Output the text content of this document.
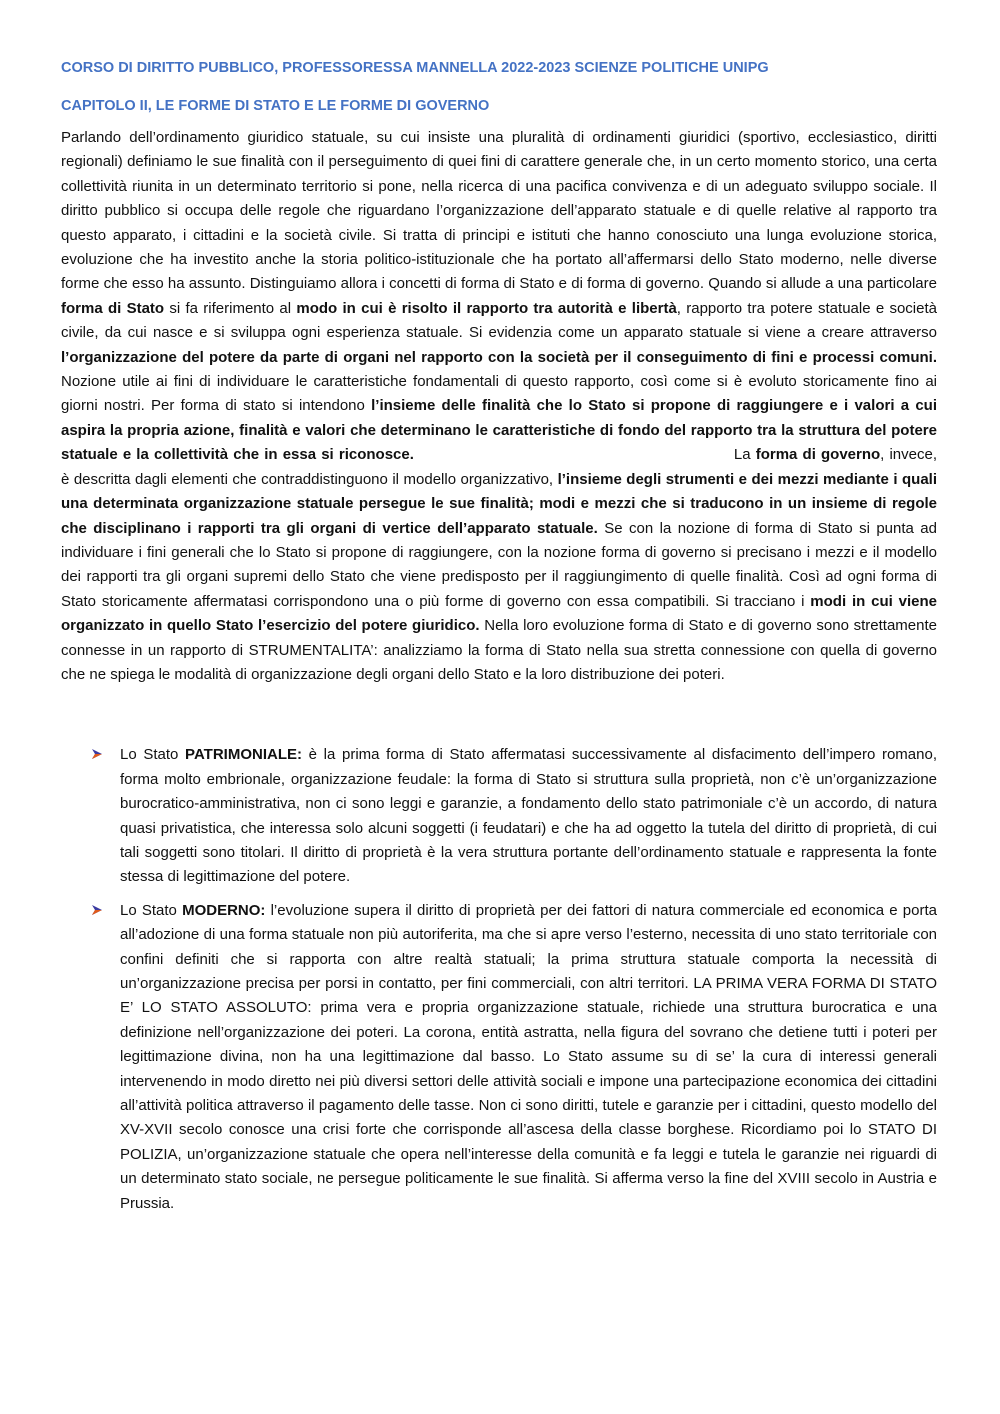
CORSO DI DIRITTO PUBBLICO, PROFESSORESSA MANNELLA 2022-2023 SCIENZE POLITICHE UNIPG

CAPITOLO II, LE FORME DI STATO E LE FORME DI GOVERNO

Parlando dell’ordinamento giuridico statuale, su cui insiste una pluralità di ordinamenti giuridici (sportivo, ecclesiastico, diritti regionali) definiamo le sue finalità con il perseguimento di quei fini di carattere generale che, in un certo momento storico, una certa collettività riunita in un determinato territorio si pone, nella ricerca di una pacifica convivenza e di un adeguato sviluppo sociale. Il diritto pubblico si occupa delle regole che riguardano l’organizzazione dell’apparato statuale e di quelle relative al rapporto tra questo apparato, i cittadini e la società civile. Si tratta di principi e istituti che hanno conosciuto una lunga evoluzione storica, evoluzione che ha investito anche la storia politico-istituzionale che ha portato all’affermarsi dello Stato moderno, nelle diverse forme che esso ha assunto. Distinguiamo allora i concetti di forma di Stato e di forma di governo. Quando si allude a una particolare forma di Stato si fa riferimento al modo in cui è risolto il rapporto tra autorità e libertà, rapporto tra potere statuale e società civile, da cui nasce e si sviluppa ogni esperienza statuale. Si evidenzia come un apparato statuale si viene a creare attraverso l’organizzazione del potere da parte di organi nel rapporto con la società per il conseguimento di fini e processi comuni. Nozione utile ai fini di individuare le caratteristiche fondamentali di questo rapporto, così come si è evoluto storicamente fino ai giorni nostri. Per forma di stato si intendono l’insieme delle finalità che lo Stato si propone di raggiungere e i valori a cui aspira la propria azione, finalità e valori che determinano le caratteristiche di fondo del rapporto tra la struttura del potere statuale e la collettività che in essa si riconosce.	La forma di governo, invece, è descritta dagli elementi che contraddistinguono il modello organizzativo, l’insieme degli strumenti e dei mezzi mediante i quali una determinata organizzazione statuale persegue le sue finalità; modi e mezzi che si traducono in un insieme di regole che disciplinano i rapporti tra gli organi di vertice dell’apparato statuale. Se con la nozione di forma di Stato si punta ad individuare i fini generali che lo Stato si propone di raggiungere, con la nozione forma di governo si precisano i mezzi e il modello dei rapporti tra gli organi supremi dello Stato che viene predisposto per il raggiungimento di quelle finalità. Così ad ogni forma di Stato storicamente affermatasi corrispondono una o più forme di governo con essa compatibili. Si tracciano i modi in cui viene organizzato in quello Stato l’esercizio del potere giuridico. Nella loro evoluzione forma di Stato e di governo sono strettamente connesse in un rapporto di STRUMENTALITA’: analizziamo la forma di Stato nella sua stretta connessione con quella di governo che ne spiega le modalità di organizzazione degli organi dello Stato e la loro distribuzione dei poteri.

Lo Stato PATRIMONIALE: è la prima forma di Stato affermatasi successivamente al disfacimento dell’impero romano, forma molto embrionale, organizzazione feudale: la forma di Stato si struttura sulla proprietà, non c’è un’organizzazione burocratico-amministrativa, non ci sono leggi e garanzie, a fondamento dello stato patrimoniale c’è un accordo, di natura quasi privatistica, che interessa solo alcuni soggetti (i feudatari) e che ha ad oggetto la tutela del diritto di proprietà, di cui tali soggetti sono titolari. Il diritto di proprietà è la vera struttura portante dell’ordinamento statuale e rappresenta la fonte stessa di legittimazione del potere.
Lo Stato MODERNO: l’evoluzione supera il diritto di proprietà per dei fattori di natura commerciale ed economica e porta all’adozione di una forma statuale non più autoriferita, ma che si apre verso l’esterno, necessita di uno stato territoriale con confini definiti che si rapporta con altre realtà statuali; la prima struttura statuale comporta la necessità di un’organizzazione precisa per porsi in contatto, per fini commerciali, con altri territori. LA PRIMA VERA FORMA DI STATO E’ LO STATO ASSOLUTO: prima vera e propria organizzazione statuale, richiede una struttura burocratica e una definizione nell’organizzazione dei poteri. La corona, entità astratta, nella figura del sovrano che detiene tutti i poteri per legittimazione divina, non ha una legittimazione dal basso. Lo Stato assume su di se’ la cura di interessi generali intervenendo in modo diretto nei più diversi settori delle attività sociali e impone una partecipazione economica dei cittadini all’attività politica attraverso il pagamento delle tasse. Non ci sono diritti, tutele e garanzie per i cittadini, questo modello del XV-XVII secolo conosce una crisi forte che corrisponde all’ascesa della classe borghese. Ricordiamo poi lo STATO DI POLIZIA, un’organizzazione statuale che opera nell’interesse della comunità e fa leggi e tutela le garanzie nei riguardi di un determinato stato sociale, ne persegue politicamente le sue finalità. Si afferma verso la fine del XVIII secolo in Austria e Prussia.
